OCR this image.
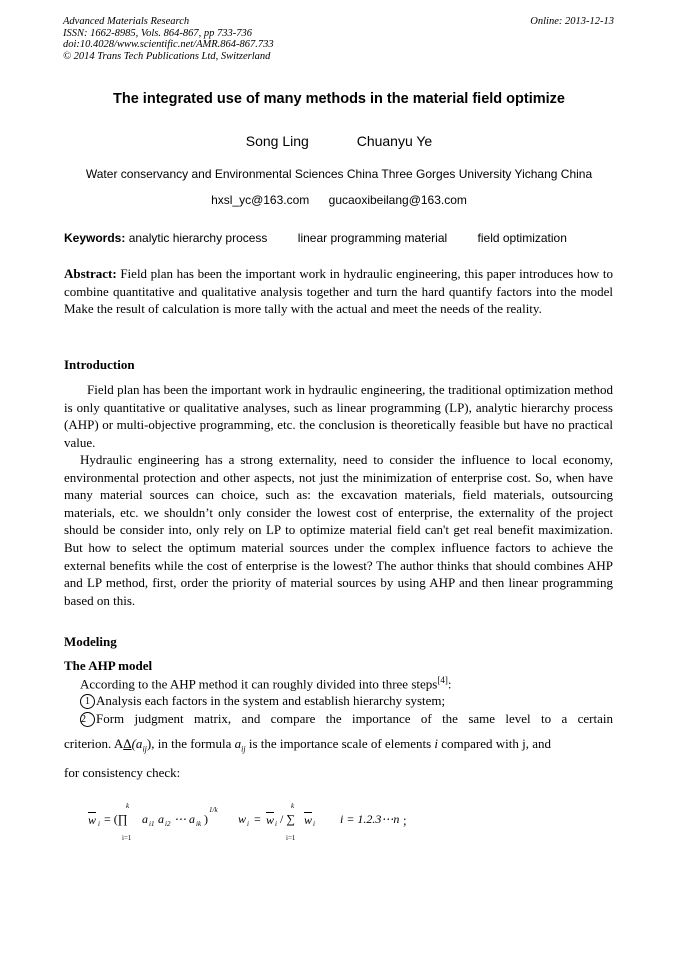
Advanced Materials Research
ISSN: 1662-8985, Vols. 864-867, pp 733-736
doi:10.4028/www.scientific.net/AMR.864-867.733
© 2014 Trans Tech Publications Ltd, Switzerland
Online: 2013-12-13
The integrated use of many methods in the material field optimize
Song Ling	Chuanyu Ye
Water conservancy and Environmental Sciences China Three Gorges University Yichang China
hxsl_yc@163.com gucaoxibeilang@163.com
Keywords: analytic hierarchy process	linear programming material	field optimization
Abstract: Field plan has been the important work in hydraulic engineering, this paper introduces how to combine quantitative and qualitative analysis together and turn the hard quantify factors into the model Make the result of calculation is more tally with the actual and meet the needs of the reality.
Introduction
Field plan has been the important work in hydraulic engineering, the traditional optimization method is only quantitative or qualitative analyses, such as linear programming (LP), analytic hierarchy process (AHP) or multi-objective programming, etc. the conclusion is theoretically feasible but have no practical value.
Hydraulic engineering has a strong externality, need to consider the influence to local economy, environmental protection and other aspects, not just the minimization of enterprise cost. So, when have many material sources can choice, such as: the excavation materials, field materials, outsourcing materials, etc. we shouldn’t only consider the lowest cost of enterprise, the externality of the project should be consider into, only rely on LP to optimize material field can't get real benefit maximization. But how to select the optimum material sources under the complex influence factors to achieve the external benefits while the cost of enterprise is the lowest? The author thinks that should combines AHP and LP method, first, order the priority of material sources by using AHP and then linear programming based on this.
Modeling
The AHP model
According to the AHP method it can roughly divided into three steps[4]:
1 Analysis each factors in the system and establish hierarchy system;
2 Form judgment matrix, and compare the importance of the same level to a certain
criterion. $A\Delta(a_{ij})$, in the formula $a_{ij}$ is the importance scale of elements i compared with j, and
for consistency check:
w i = (∏
k
i=1
a i1 a i2 ⋯ a ik )
1/k
w i = w i / ∑
k
i=1
w i i = 1.2.3⋯n ；
